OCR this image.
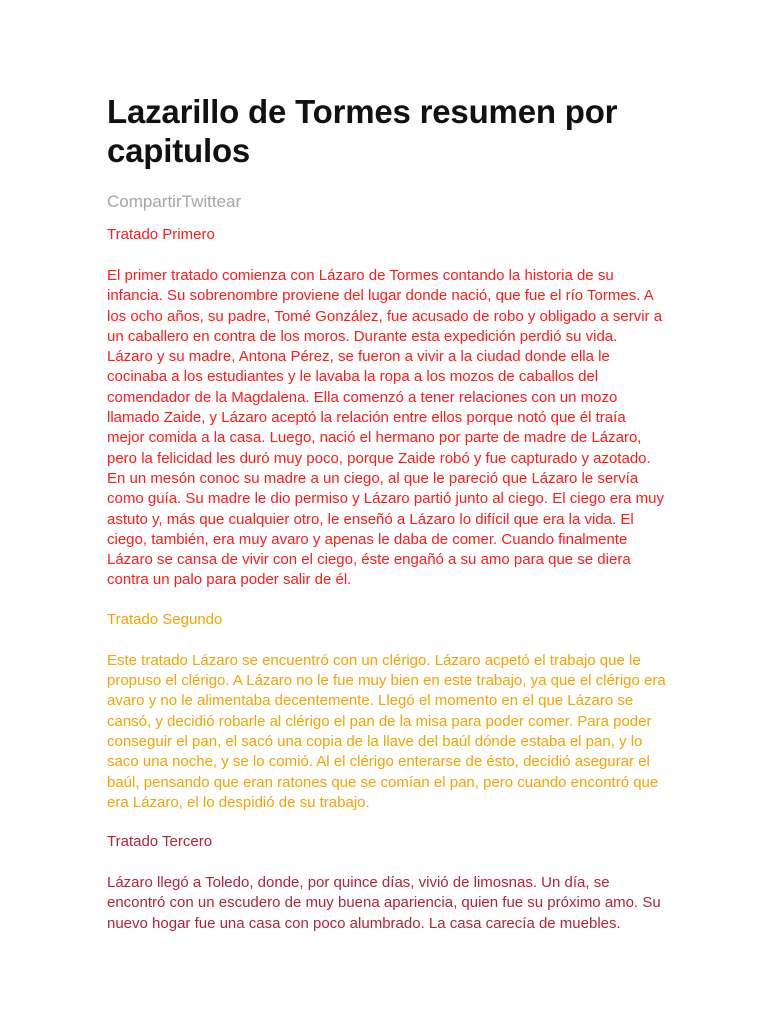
Lazarillo de Tormes resumen por capitulos
CompartirTwittear

Tratado Primero

El primer tratado comienza con Lázaro de Tormes contando la historia de su infancia. Su sobrenombre proviene del lugar donde nació, que fue el río Tormes. A los ocho años, su padre, Tomé González, fue acusado de robo y obligado a servir a un caballero en contra de los moros. Durante esta expedición perdió su vida. Lázaro y su madre, Antona Pérez, se fueron a vivir a la ciudad donde ella le cocinaba a los estudiantes y le lavaba la ropa a los mozos de caballos del comendador de la Magdalena. Ella comenzó a tener relaciones con un mozo llamado Zaide, y Lázaro aceptó la relación entre ellos porque notó que él traía mejor comida a la casa. Luego, nació el hermano por parte de madre de Lázaro, pero la felicidad les duró muy poco, porque Zaide robó y fue capturado y azotado. En un mesón conoc su madre a un ciego, al que le pareció que Lázaro le servía como guía. Su madre le dio permiso y Lázaro partió junto al ciego. El ciego era muy astuto y, más que cualquier otro, le enseñó a Lázaro lo difícil que era la vida. El ciego, también, era muy avaro y apenas le daba de comer. Cuando finalmente Lázaro se cansa de vivir con el ciego, éste engañó a su amo para que se diera contra un palo para poder salir de él.

Tratado Segundo

Este tratado Lázaro se encuentró con un clérigo. Lázaro acpetó el trabajo que le propuso el clérigo. A Lázaro no le fue muy bien en este trabajo, ya que el clérigo era avaro y no le alimentaba decentemente. Llegó el momento en el que Lázaro se cansó, y decidió robarle al clérigo el pan de la misa para poder comer. Para poder conseguir el pan, el sacó una copia de la llave del baúl dónde estaba el pan, y lo saco una noche, y se lo comió. Al el clérigo enterarse de ésto, decidió asegurar el baúl, pensando que eran ratones que se comían el pan, pero cuando encontró que era Lázaro, el lo despidió de su trabajo.

Tratado Tercero

Lázaro llegó a Toledo, donde, por quince días, vivió de limosnas. Un día, se encontró con un escudero de muy buena apariencia, quien fue su próximo amo. Su nuevo hogar fue una casa con poco alumbrado. La casa carecía de muebles.
